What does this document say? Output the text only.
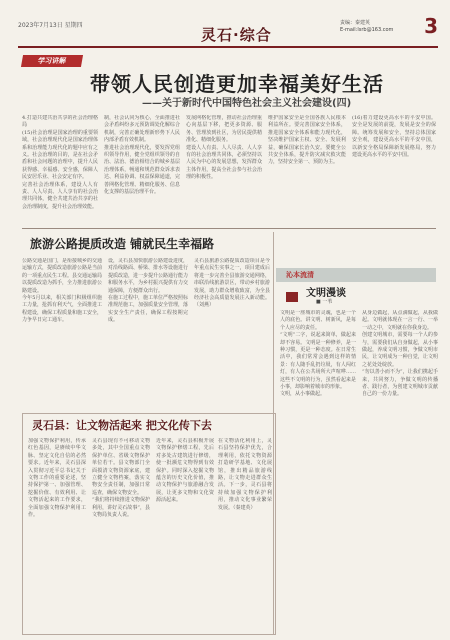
2023年7月13日 星期四
灵石·综合
责编：秦建英
E-mail:lsrb@163.com 3
学习讲解
带领人民创造更加幸福美好生活
——关于新时代中国特色社会主义社会建设(四)
4.打造共建共治共享的社会治理格局
(15)社会治理是国家治理的重要领域，社会治理现代化是国家治理体系和治理能力现代化的题中应有之义。社会治理的目的，是在社会矛盾和社会问题的治理中，提升人民获得感、幸福感、安全感，保障人民安居乐业、社会安定有序。
完善社会治理体系，建设人人有责、人人尽责、人人享有的社会治理共同体，健全共建共治共享的社会治理制度，提升社会治理效能。
制，社会认同为核心，全面推进社会矛盾纠纷多元预防调处化解综合机制，完善正确处理新形势下人民内部矛盾有效机制。
推进社会治理现代化，要发挥党组织领导作用，健全党组织领导的自治、法治、德治相结合的城乡基层治理体系，畅通和规范群众诉求表达、利益协调、权益保障通道，完善网格化管理、精细化服务、信息化支撑的基层治理平台。
发展网格化管理，推动社会治理重心向基层下移，把更多资源、服务、管理放到社区，为居民提供精准化、精细化服务。
建设人人有责、人人尽责、人人享有的社会治理共同体，必须坚持以人民为中心的发展思想，发挥群众主体作用，提高全社会参与社会治理的积极性。
维护国家安全是全国各族人民根本利益所在。要完善国家安全体系，推进国家安全体系和能力现代化，坚决维护国家主权、安全、发展利益，确保国家长治久安。要健全公共安全体系，提升防灾减灾救灾能力，坚持安全第一、预防为主。
(16)着力建设更高水平的平安中国。安全是发展的前提，发展是安全的保障。统筹发展和安全，坚持总体国家安全观，建设更高水平的平安中国，以新安全格局保障新发展格局，努力建设更高水平的平安中国。
旅游公路提质改造 铺就民生幸福路
公路交通是国门，是衔接城乡的交通运输方式，提质改造旅游公路是当前的一项重点民生工程。县交通运输局以提质改造为抓手，全力推进旅游公路建设。
今年5月以来，相关部门积极组织施工力量，抢抓有利天气，全面推进工程建设，确保工程质量和施工安全，力争早日完工通车。
设，灵石县加快旅游公路建设进度，对沿线路面、桥梁、排水等设施进行提质改造，进一步提升公路通行能力和服务水平，为乡村振兴提供有力交通保障，方便群众出行。
在施工过程中，施工单位严格按照标准规范施工，加强质量安全管理，落实安全生产责任，确保工程按期完成。
灵石县旅游公路提质改造项目是今年重点民生实事之一，项目建成后将进一步完善全县旅游交通网络，串联沿线旅游景区，带动乡村旅游发展，助力群众增收致富，为全县经济社会高质量发展注入新动能。（刘燕）
沁本流清
文明漫谈
■ 一苇
文明是一座城市的灵魂，也是一个人的底色。讲文明、树新风，是每个人应尽的责任。
“文明”二字，说起来简单，做起来却不容易。文明是一种修养，是一种习惯，更是一种态度。在日常生活中，我们常常会遇到这样的情景：有人随手乱扔垃圾，有人闯红灯，有人在公共场所大声喧哗……这些不文明的行为，虽然看起来是小事，却影响着城市的形象。
文明，从小事做起。
从身边做起，从点滴做起，从我做起。文明就体现在一言一行、一举一动之中，文明就在你我身边。
创建文明城市，需要每一个人的参与，需要我们从自身做起，从小事做起，养成文明习惯，争做文明市民，让文明成为一种自觉，让文明之花处处绽放。
“勿以善小而不为”，让我们携起手来，共同努力，争做文明的传播者、践行者，为创建文明城市贡献自己的一份力量。
灵石县：让文物活起来 把文化传下去
加强文物保护利用，传承红色基因，是赓续中华文脉、坚定文化自信的必然要求。近年来，灵石县深入贯彻习近平总书记关于文物工作的重要论述，坚持保护第一、加强管理、挖掘价值、有效利用、让文物活起来的工作要求，全面加强文物保护利用工作。
灵石县现有不可移动文物多处，其中全国重点文物保护单位、省级文物保护单位若干。县文物部门全面摸清文物资源家底，建立健全文物档案，落实文物安全责任制，加强日常巡查，确保文物安全。
“我们将持续推进文物保护利用，讲好灵石故事”，县文物局负责人说。
近年来，灵石县积极开展文物保护修缮工程，先后对多处古建筑进行修缮，使一批濒危文物得到有效保护。同时深入挖掘文物蕴含的历史文化价值，推动文物保护与旅游融合发展，让更多文物和文化资源活起来。
在文物活化利用上，灵石县坚持保护优先，合理利用，依托文物资源打造研学基地、文化展馆，推出精品旅游线路，让文物走进群众生活。下一步，灵石县将持续加强文物保护利用，推动文化事业繁荣发展。（秦建英）
